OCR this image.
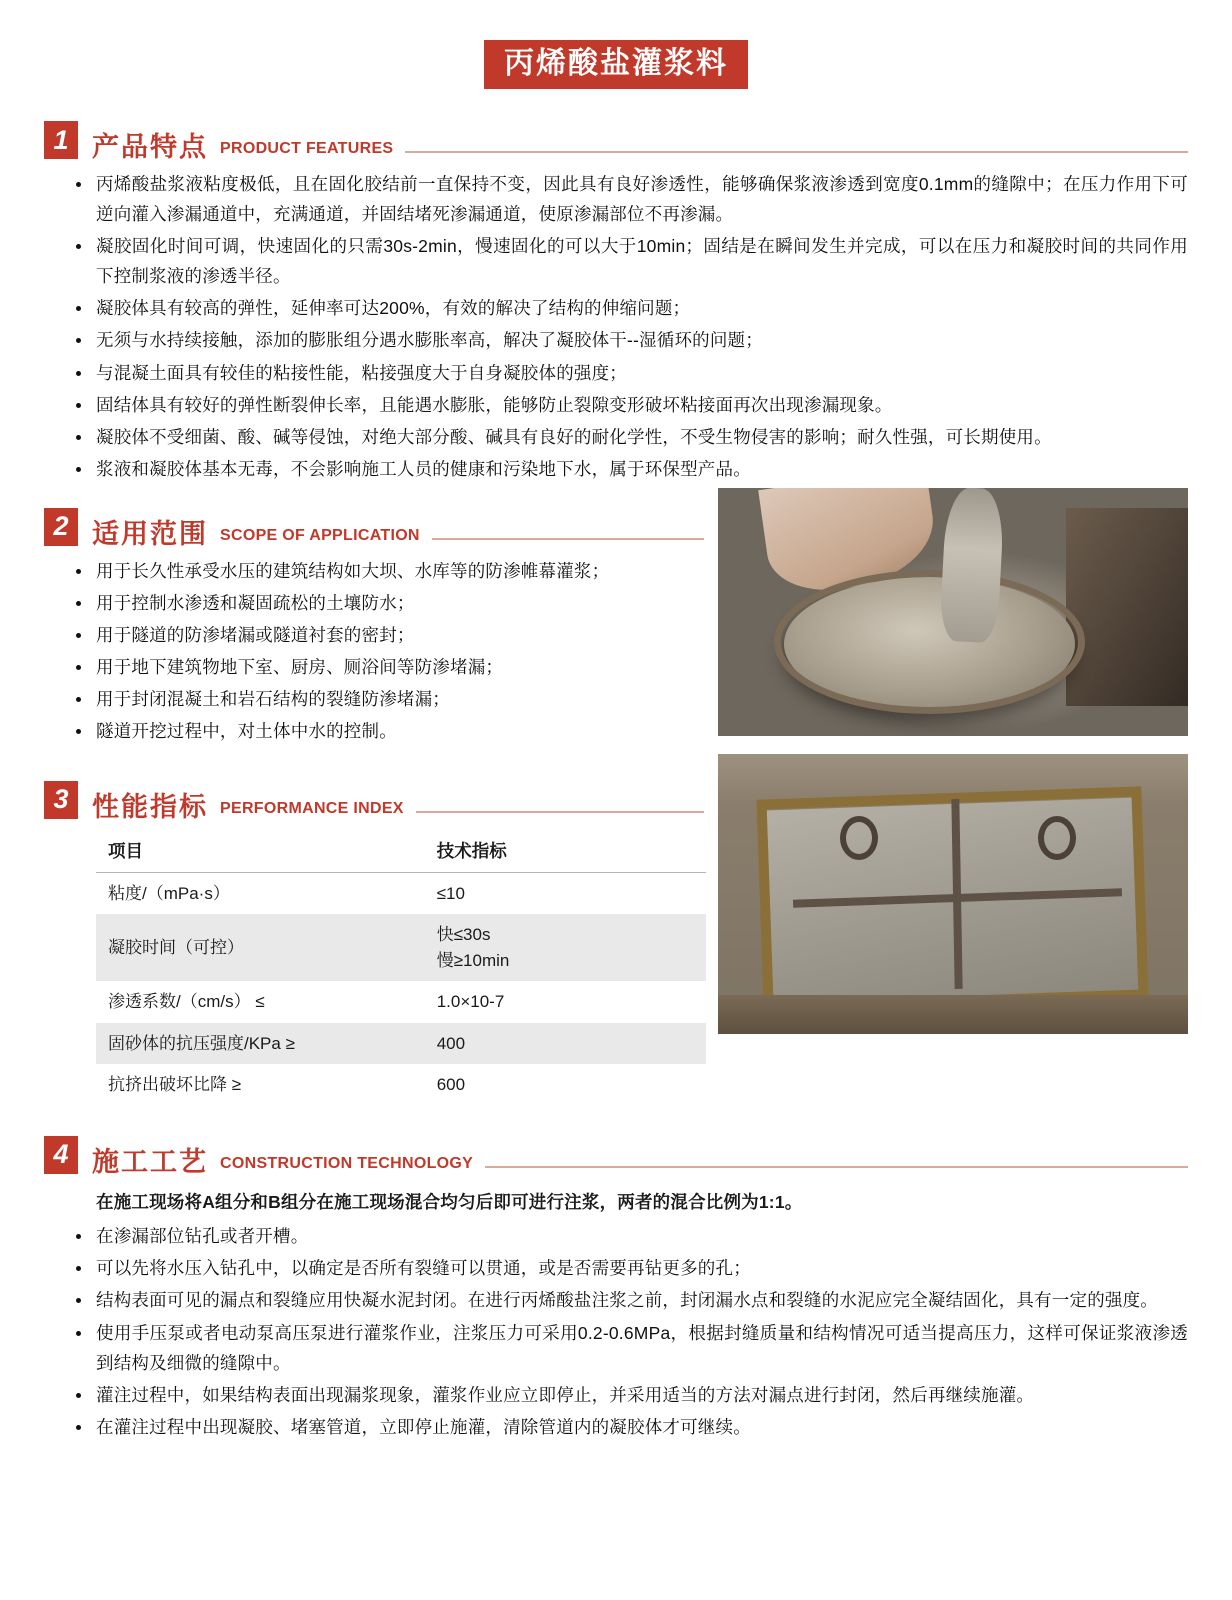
丙烯酸盐灌浆料
1 产品特点 PRODUCT FEATURES
丙烯酸盐浆液粘度极低，且在固化胶结前一直保持不变，因此具有良好渗透性，能够确保浆液渗透到宽度0.1mm的缝隙中；在压力作用下可逆向灌入渗漏通道中，充满通道，并固结堵死渗漏通道，使原渗漏部位不再渗漏。
凝胶固化时间可调，快速固化的只需30s-2min，慢速固化的可以大于10min；固结是在瞬间发生并完成，可以在压力和凝胶时间的共同作用下控制浆液的渗透半径。
凝胶体具有较高的弹性，延伸率可达200%，有效的解决了结构的伸缩问题；
无须与水持续接触，添加的膨胀组分遇水膨胀率高，解决了凝胶体干--湿循环的问题；
与混凝土面具有较佳的粘接性能，粘接强度大于自身凝胶体的强度；
固结体具有较好的弹性断裂伸长率，且能遇水膨胀，能够防止裂隙变形破坏粘接面再次出现渗漏现象。
凝胶体不受细菌、酸、碱等侵蚀，对绝大部分酸、碱具有良好的耐化学性，不受生物侵害的影响；耐久性强，可长期使用。
浆液和凝胶体基本无毒，不会影响施工人员的健康和污染地下水，属于环保型产品。
2 适用范围 SCOPE OF APPLICATION
用于长久性承受水压的建筑结构如大坝、水库等的防渗帷幕灌浆；
用于控制水渗透和凝固疏松的土壤防水；
用于隧道的防渗堵漏或隧道衬套的密封；
用于地下建筑物地下室、厨房、厕浴间等防渗堵漏；
用于封闭混凝土和岩石结构的裂缝防渗堵漏；
隧道开挖过程中，对土体中水的控制。
3 性能指标 PERFORMANCE INDEX
项目	技术指标
粘度/（mPa·s）	≤10
凝胶时间（可控）	快≤30s
慢≥10min

渗透系数/（cm/s） ≤	1.0×10-7
固砂体的抗压强度/KPa ≥	400
抗挤出破坏比降 ≥	600
4 施工工艺 CONSTRUCTION TECHNOLOGY
在施工现场将A组分和B组分在施工现场混合均匀后即可进行注浆，两者的混合比例为1:1。
在渗漏部位钻孔或者开槽。
可以先将水压入钻孔中，以确定是否所有裂缝可以贯通，或是否需要再钻更多的孔；
结构表面可见的漏点和裂缝应用快凝水泥封闭。在进行丙烯酸盐注浆之前，封闭漏水点和裂缝的水泥应完全凝结固化，具有一定的强度。
使用手压泵或者电动泵高压泵进行灌浆作业，注浆压力可采用0.2-0.6MPa，根据封缝质量和结构情况可适当提高压力，这样可保证浆液渗透到结构及细微的缝隙中。
灌注过程中，如果结构表面出现漏浆现象，灌浆作业应立即停止，并采用适当的方法对漏点进行封闭，然后再继续施灌。
在灌注过程中出现凝胶、堵塞管道，立即停止施灌，清除管道内的凝胶体才可继续。
